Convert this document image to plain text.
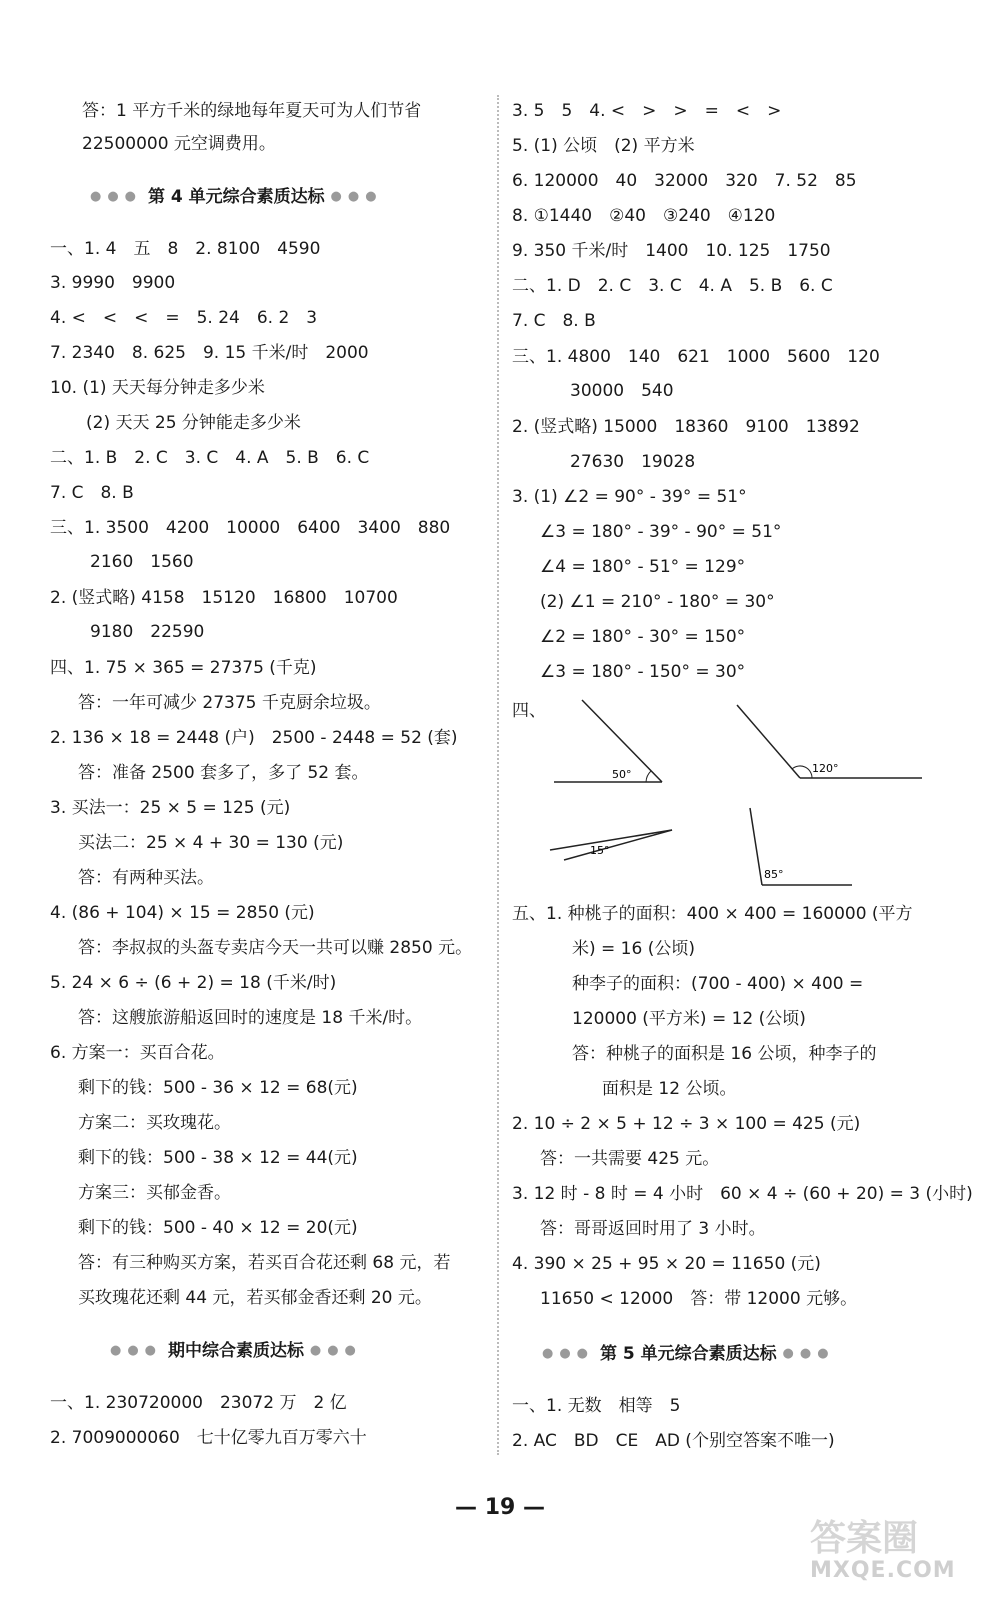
答：1 平方千米的绿地每年夏天可为人们节省
22500000 元空调费用。
●●● 第 4 单元综合素质达标 ●●●
一、1. 4　五　8　2. 8100　4590
3. 9990　9900
4. <　<　<　=　5. 24　6. 2　3
7. 2340　8. 625　9. 15 千米/时　2000
10. (1) 天天每分钟走多少米
(2) 天天 25 分钟能走多少米
二、1. B　2. C　3. C　4. A　5. B　6. C
7. C　8. B
三、1. 3500　4200　10000　6400　3400　880
2160　1560
2. (竖式略) 4158　15120　16800　10700
9180　22590
四、1. 75 × 365 = 27375 (千克)
答：一年可减少 27375 千克厨余垃圾。
2. 136 × 18 = 2448 (户)　2500 - 2448 = 52 (套)
答：准备 2500 套多了，多了 52 套。
3. 买法一：25 × 5 = 125 (元)
买法二：25 × 4 + 30 = 130 (元)
答：有两种买法。
4. (86 + 104) × 15 = 2850 (元)
答：李叔叔的头盔专卖店今天一共可以赚 2850 元。
5. 24 × 6 ÷ (6 + 2) = 18 (千米/时)
答：这艘旅游船返回时的速度是 18 千米/时。
6. 方案一：买百合花。
剩下的钱：500 - 36 × 12 = 68(元)
方案二：买玫瑰花。
剩下的钱：500 - 38 × 12 = 44(元)
方案三：买郁金香。
剩下的钱：500 - 40 × 12 = 20(元)
答：有三种购买方案，若买百合花还剩 68 元，若
买玫瑰花还剩 44 元，若买郁金香还剩 20 元。
●●● 期中综合素质达标 ●●●
一、1. 230720000　23072 万　2 亿
2. 7009000060　七十亿零九百万零六十
3. 5　5　4. <　>　>　=　<　>
5. (1) 公顷　(2) 平方米
6. 120000　40　32000　320　7. 52　85
8. ①1440　②40　③240　④120
9. 350 千米/时　1400　10. 125　1750
二、1. D　2. C　3. C　4. A　5. B　6. C
7. C　8. B
三、1. 4800　140　621　1000　5600　120
30000　540
2. (竖式略) 15000　18360　9100　13892
27630　19028
3. (1) ∠2 = 90° - 39° = 51°
∠3 = 180° - 39° - 90° = 51°
∠4 = 180° - 51° = 129°
(2) ∠1 = 210° - 180° = 30°
∠2 = 180° - 30° = 150°
∠3 = 180° - 150° = 30°
四、
50°	120°
15°
85°
五、1. 种桃子的面积：400 × 400 = 160000 (平方
米) = 16 (公顷)
种李子的面积：(700 - 400) × 400 =
120000 (平方米) = 12 (公顷)
答：种桃子的面积是 16 公顷，种李子的
面积是 12 公顷。
2. 10 ÷ 2 × 5 + 12 ÷ 3 × 100 = 425 (元)
答：一共需要 425 元。
3. 12 时 - 8 时 = 4 小时　60 × 4 ÷ (60 + 20) = 3 (小时)
答：哥哥返回时用了 3 小时。
4. 390 × 25 + 95 × 20 = 11650 (元)
11650 < 12000　答：带 12000 元够。
●●● 第 5 单元综合素质达标 ●●●
一、1. 无数　相等　5
2. AC　BD　CE　AD (个别空答案不唯一)
— 19 —
答案圈
MXQE.COM
